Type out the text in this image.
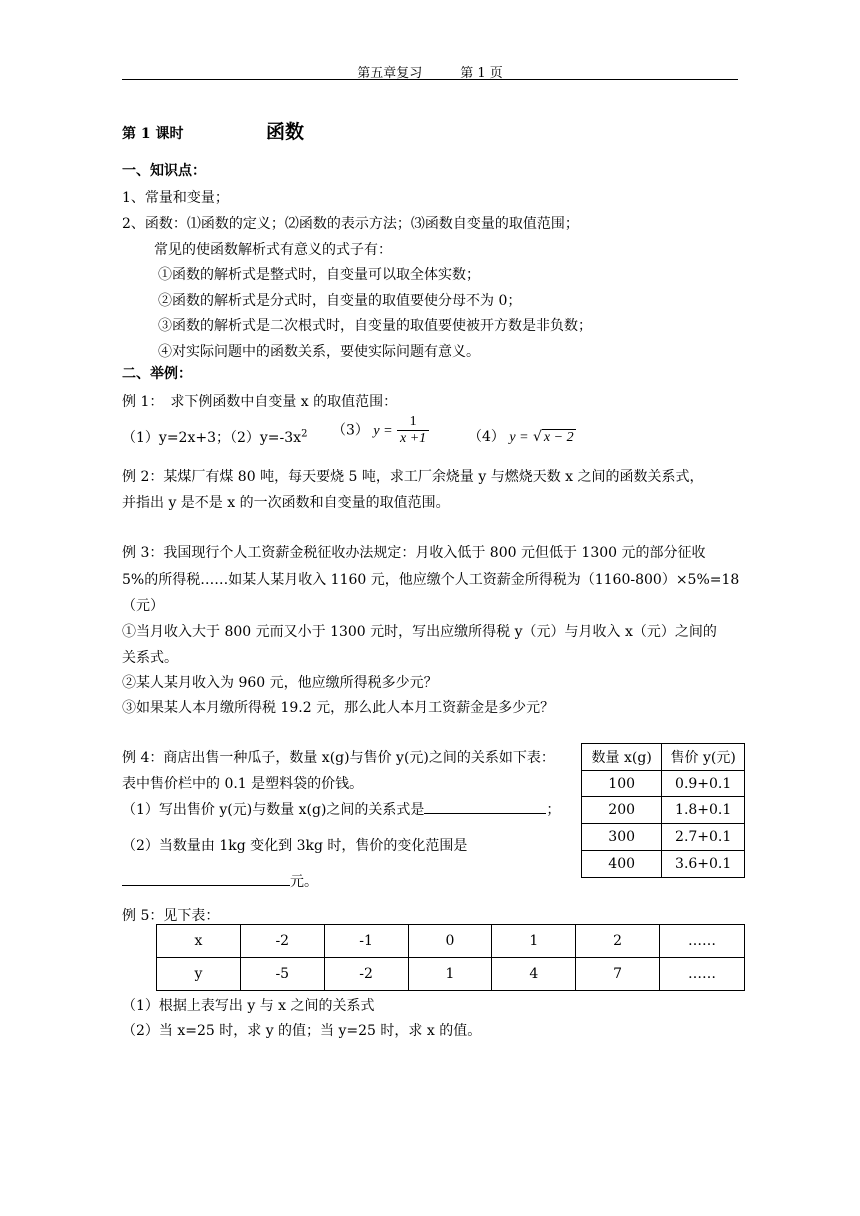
第五章复习	第 1 页
第 1 课时	函数
一、知识点：
1、常量和变量；
2、函数：⑴函数的定义；⑵函数的表示方法；⑶函数自变量的取值范围；
常见的使函数解析式有意义的式子有：
①函数的解析式是整式时，自变量可以取全体实数；
②函数的解析式是分式时，自变量的取值要使分母不为 0；
③函数的解析式是二次根式时，自变量的取值要使被开方数是非负数；
④对实际问题中的函数关系，要使实际问题有意义。
二、举例：
例 1：　求下例函数中自变量 x 的取值范围：
（1）y=2x+3；$(2)y=-3x^2$ （3） $y = \frac{1}{x +1}$	（4） y = √ x − 2
例 2：某煤厂有煤 80 吨，每天要烧 5 吨，求工厂余烧量 y 与燃烧天数 x 之间的函数关系式，
并指出 y 是不是 x 的一次函数和自变量的取值范围。
例 3：我国现行个人工资薪金税征收办法规定：月收入低于 800 元但低于 1300 元的部分征收
5%的所得税……如某人某月收入 1160 元，他应缴个人工资薪金所得税为（1160-800）×5%=18
（元）
①当月收入大于 800 元而又小于 1300 元时，写出应缴所得税 y（元）与月收入 x（元）之间的
关系式。
②某人某月收入为 960 元，他应缴所得税多少元？
③如果某人本月缴所得税 19.2 元，那么此人本月工资薪金是多少元？
例 4：商店出售一种瓜子，数量 x(g)与售价 y(元)之间的关系如下表：
表中售价栏中的 0.1 是塑料袋的价钱。
（1）写出售价 y(元)与数量 x(g)之间的关系式是	；
（2）当数量由 1kg 变化到 3kg 时，售价的变化范围是
元。
数量 x(g)	售价 y(元)
100	0.9+0.1
200	1.8+0.1
300	2.7+0.1
400	3.6+0.1
例 5：见下表：
x	-2	-1	0	1	2	……
y	-5	-2	1	4	7	……
（1）根据上表写出 y 与 x 之间的关系式
（2）当 x=25 时，求 y 的值；当 y=25 时，求 x 的值。
